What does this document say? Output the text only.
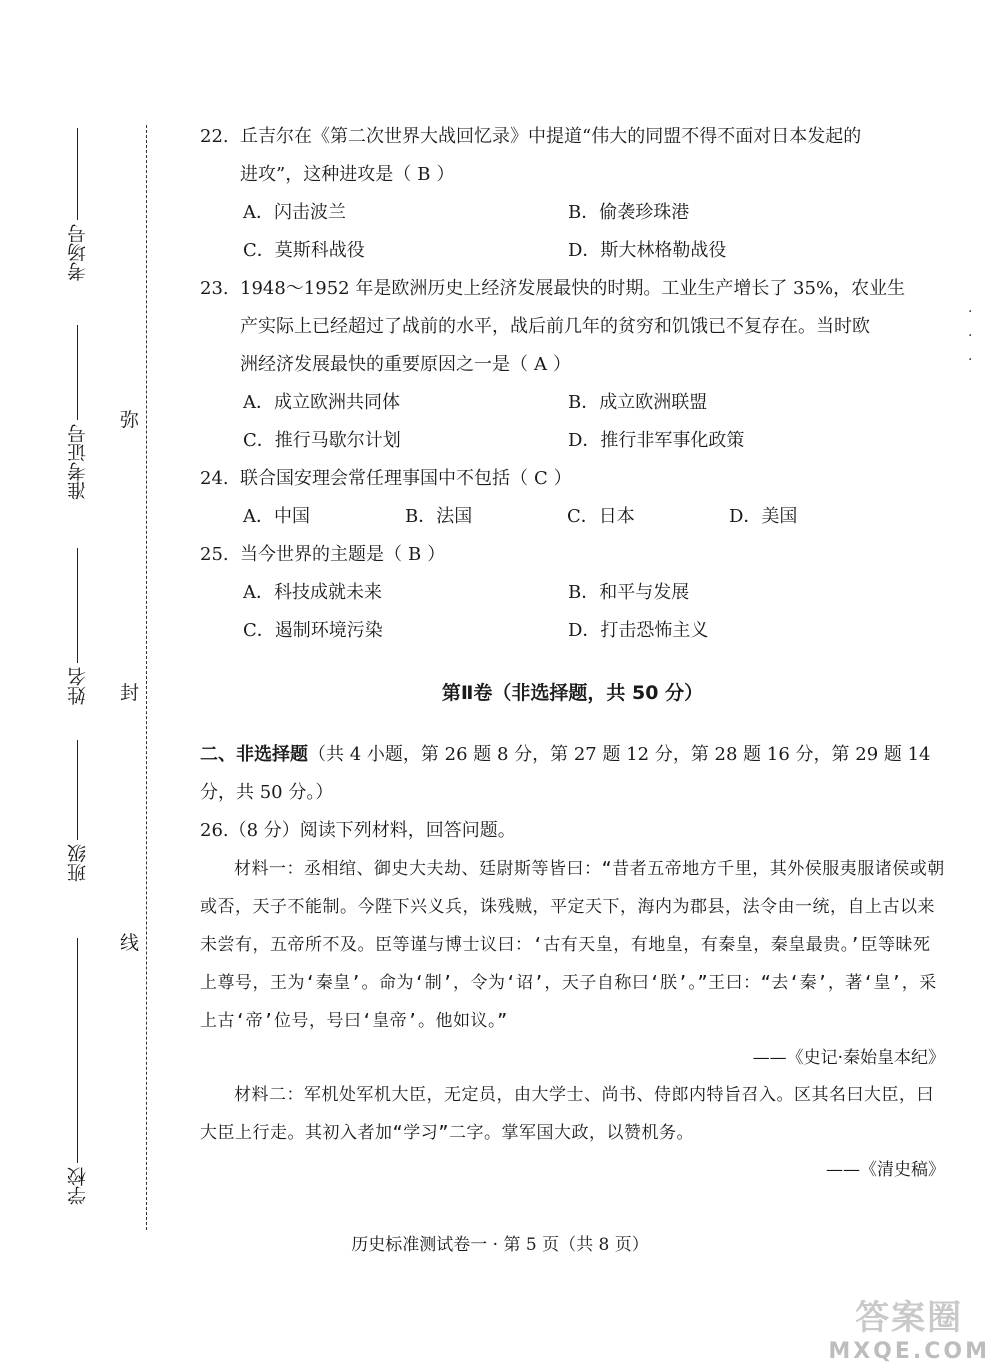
弥
封
线
考场号
准考证号
姓名
班级
学校
·
·
·
22. 丘吉尔在《第二次世界大战回忆录》中提道“伟大的同盟不得不面对日本发起的
进攻”，这种进攻是（ B ）
A．闪击波兰	B．偷袭珍珠港
C．莫斯科战役	D．斯大林格勒战役
23. 1948～1952 年是欧洲历史上经济发展最快的时期。工业生产增长了 35%，农业生
产实际上已经超过了战前的水平，战后前几年的贫穷和饥饿已不复存在。当时欧
洲经济发展最快的重要原因之一是（ A ）
A．成立欧洲共同体	B．成立欧洲联盟
C．推行马歇尔计划	D．推行非军事化政策
24. 联合国安理会常任理事国中不包括（ C ）
A．中国	B．法国	C．日本	D．美国
25. 当今世界的主题是（ B ）
A．科技成就未来	B．和平与发展
C．遏制环境污染	D．打击恐怖主义
第Ⅱ卷（非选择题，共 50 分）
二、非选择题（共 4 小题，第 26 题 8 分，第 27 题 12 分，第 28 题 16 分，第 29 题 14
分，共 50 分。）
26.（8 分）阅读下列材料，回答问题。
材料一：丞相绾、御史大夫劫、廷尉斯等皆曰：“昔者五帝地方千里，其外侯服夷服诸侯或朝或否，天子不能制。今陛下兴义兵，诛残贼，平定天下，海内为郡县，法令由一统，自上古以来未尝有，五帝所不及。臣等谨与博士议曰：‘古有天皇，有地皇，有秦皇，秦皇最贵。’臣等昧死上尊号，王为‘秦皇’。命为‘制’，令为‘诏’，天子自称曰‘朕’。”王曰：“去‘秦’，著‘皇’，采上古‘帝’位号，号曰‘皇帝’。他如议。”
——《史记·秦始皇本纪》
材料二：军机处军机大臣，无定员，由大学士、尚书、侍郎内特旨召入。区其名曰大臣，曰大臣上行走。其初入者加“学习”二字。掌军国大政，以赞机务。
——《清史稿》
历史标准测试卷一 · 第 5 页（共 8 页）
答案圈
MXQE.COM
